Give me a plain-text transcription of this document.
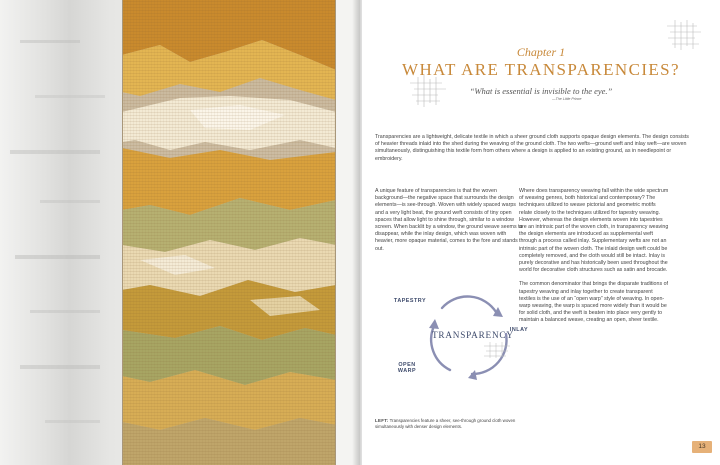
Chapter 1
WHAT ARE TRANSPARENCIES?
“What is essential is invisible to the eye.”
—The Little Prince
Transparencies are a lightweight, delicate textile in which a sheer ground cloth supports opaque design elements. The design consists of heavier threads inlaid into the shed during the weaving of the ground cloth. The two wefts—ground weft and inlay weft—are woven simultaneously, distinguishing this textile form from others where a design is applied to an existing ground, as in needlepoint or embroidery.
A unique feature of transparencies is that the woven background—the negative space that surrounds the design elements—is see-through. Woven with widely spaced warps and a very light beat, the ground weft consists of tiny open spaces that allow light to shine through, similar to a window screen. When backlit by a window, the ground weave seems to disappear, while the inlay design, which was woven with heavier, more opaque material, comes to the fore and stands out.

Where does transparency weaving fall within the wide spectrum of weaving genres, both historical and contemporary? The techniques utilized to weave pictorial and geometric motifs relate closely to the techniques utilized for tapestry weaving. However, whereas the design elements woven into tapestries are an intrinsic part of the woven cloth, in transparency weaving the design elements are introduced as supplemental weft through a process called inlay. Supplementary wefts are not an intrinsic part of the woven cloth. The inlaid design weft could be completely removed, and the cloth would still be intact. Inlay is purely decorative and has historically been used throughout the world for decorative cloth structures such as satin and brocade.

The common denominator that brings the disparate traditions of tapestry weaving and inlay together to create transparent textiles is the use of an “open warp” style of weaving. In open-warp weaving, the warp is spaced more widely than it would be for solid cloth, and the weft is beaten into place very gently to maintain a balanced weave, creating an open, sheer textile.

TAPESTRY
INLAY
OPEN
WARP
TRANSPARENCY
LEFT: Transparencies feature a sheer, see-through ground cloth woven simultaneously with denser design elements.
13
